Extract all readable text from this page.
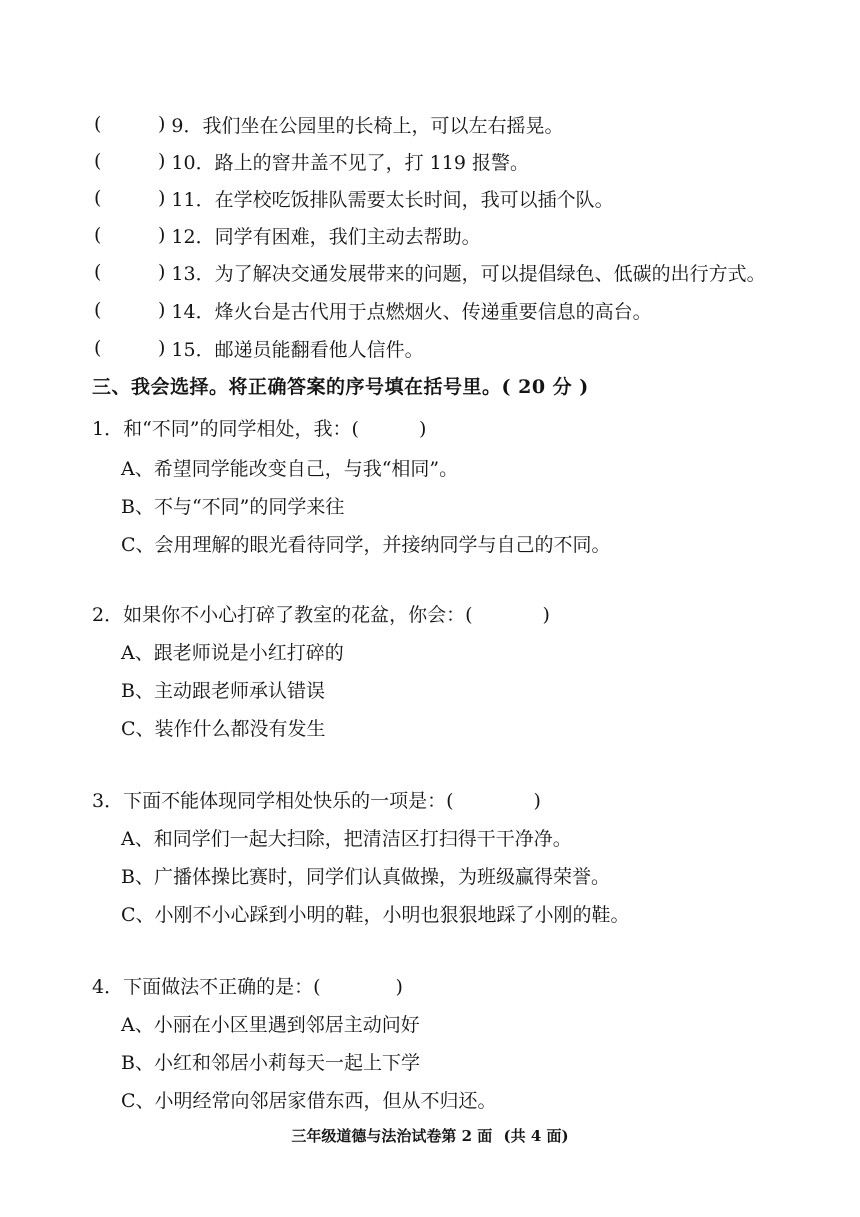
(	) 9．我们坐在公园里的长椅上，可以左右摇晃。
(	) 10．路上的窨井盖不见了，打 119 报警。
(	) 11．在学校吃饭排队需要太长时间，我可以插个队。
(	) 12．同学有困难，我们主动去帮助。
(	) 13．为了解决交通发展带来的问题，可以提倡绿色、低碳的出行方式。
(	) 14．烽火台是古代用于点燃烟火、传递重要信息的高台。
(	) 15．邮递员能翻看他人信件。
三、我会选择。将正确答案的序号填在括号里。( 20 分 )
1．和“不同”的同学相处，我：(	)
A、希望同学能改变自己，与我“相同”。
B、不与“不同”的同学来往
C、会用理解的眼光看待同学，并接纳同学与自己的不同。
2．如果你不小心打碎了教室的花盆，你会：(	)
A、跟老师说是小红打碎的
B、主动跟老师承认错误
C、装作什么都没有发生
3．下面不能体现同学相处快乐的一项是：(	)
A、和同学们一起大扫除，把清洁区打扫得干干净净。
B、广播体操比赛时，同学们认真做操，为班级赢得荣誉。
C、小刚不小心踩到小明的鞋，小明也狠狠地踩了小刚的鞋。
4．下面做法不正确的是：(	)
A、小丽在小区里遇到邻居主动问好
B、小红和邻居小莉每天一起上下学
C、小明经常向邻居家借东西，但从不归还。
三年级道德与法治试卷第 2 面 (共 4 面)
